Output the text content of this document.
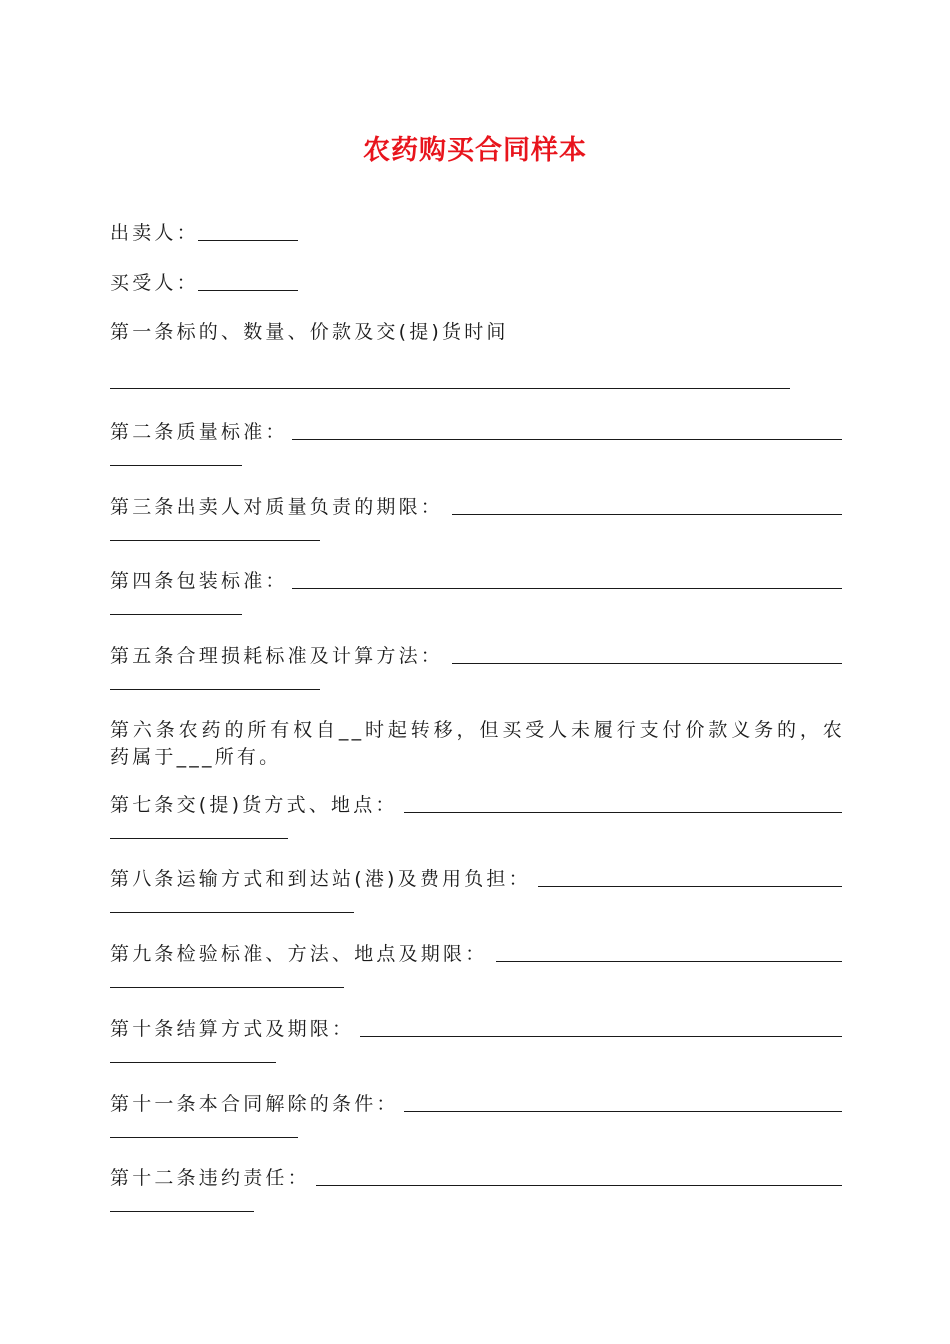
农药购买合同样本
出卖人：
买受人：
第一条标的、数量、价款及交(提)货时间
第二条质量标准：
第三条出卖人对质量负责的期限：
第四条包装标准：
第五条合理损耗标准及计算方法：
第六条农药的所有权自__时起转移，但买受人未履行支付价款义务的，农药属于___所有。
第七条交(提)货方式、地点：
第八条运输方式和到达站(港)及费用负担：
第九条检验标准、方法、地点及期限：
第十条结算方式及期限：
第十一条本合同解除的条件：
第十二条违约责任：
